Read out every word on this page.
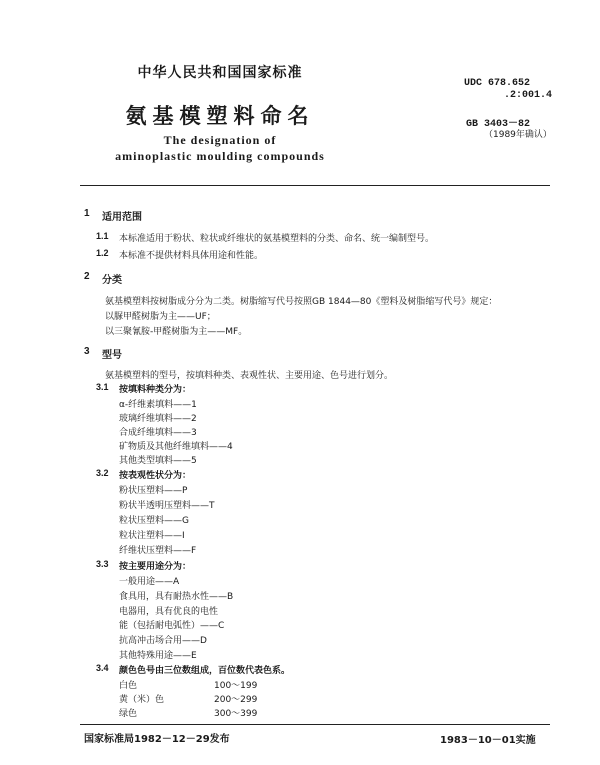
中华人民共和国国家标准
氨基模塑料命名
The designation of
aminoplastic moulding compounds
UDC 678.652
.2:001.4
GB 3403－82
（1989年确认）
1 适用范围
1.1 本标准适用于粉状、粒状或纤维状的氨基模塑料的分类、命名、统一编制型号。
1.2 本标准不提供材料具体用途和性能。
2 分类
氨基模塑料按树脂成分分为二类。树脂缩写代号按照GB 1844—80《塑料及树脂缩写代号》规定：
以脲甲醛树脂为主——UF；
以三聚氰胺-甲醛树脂为主——MF。
3 型号
氨基模塑料的型号，按填料种类、表观性状、主要用途、色号进行划分。
3.1 按填料种类分为：
α-纤维素填料——1
玻璃纤维填料——2
合成纤维填料——3
矿物质及其他纤维填料——4
其他类型填料——5
3.2 按表观性状分为：
粉状压塑料——P
粉状半透明压塑料——T
粒状压塑料——G
粒状注塑料——I
纤维状压塑料——F
3.3 按主要用途分为：
一般用途——A
食具用，具有耐热水性——B
电器用，具有优良的电性
能（包括耐电弧性）——C
抗高冲击场合用——D
其他特殊用途——E
3.4 颜色色号由三位数组成，百位数代表色系。
白色	100～199
黄（米）色	200～299
绿色	300～399
国家标准局1982－12－29发布	1983－10－01实施
